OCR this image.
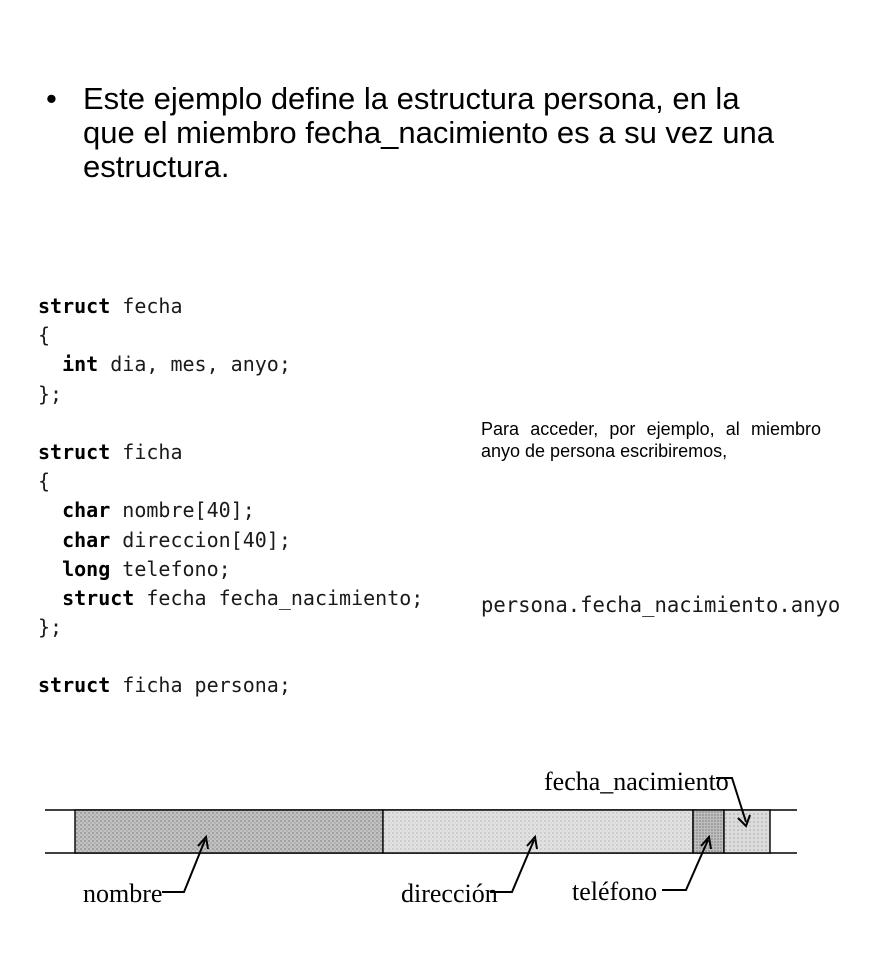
• Este ejemplo define la estructura persona, en la
que el miembro fecha_nacimiento es a su vez una
estructura.
struct fecha
{
int dia, mes, anyo;
};
struct ficha
{
char nombre[40];
char direccion[40];
long telefono;
struct fecha fecha_nacimiento;
};
struct ficha persona;
Para acceder, por ejemplo, al miembro anyo de persona escribiremos,
persona.fecha_nacimiento.anyo
fecha_nacimiento
nombre	dirección	teléfono
